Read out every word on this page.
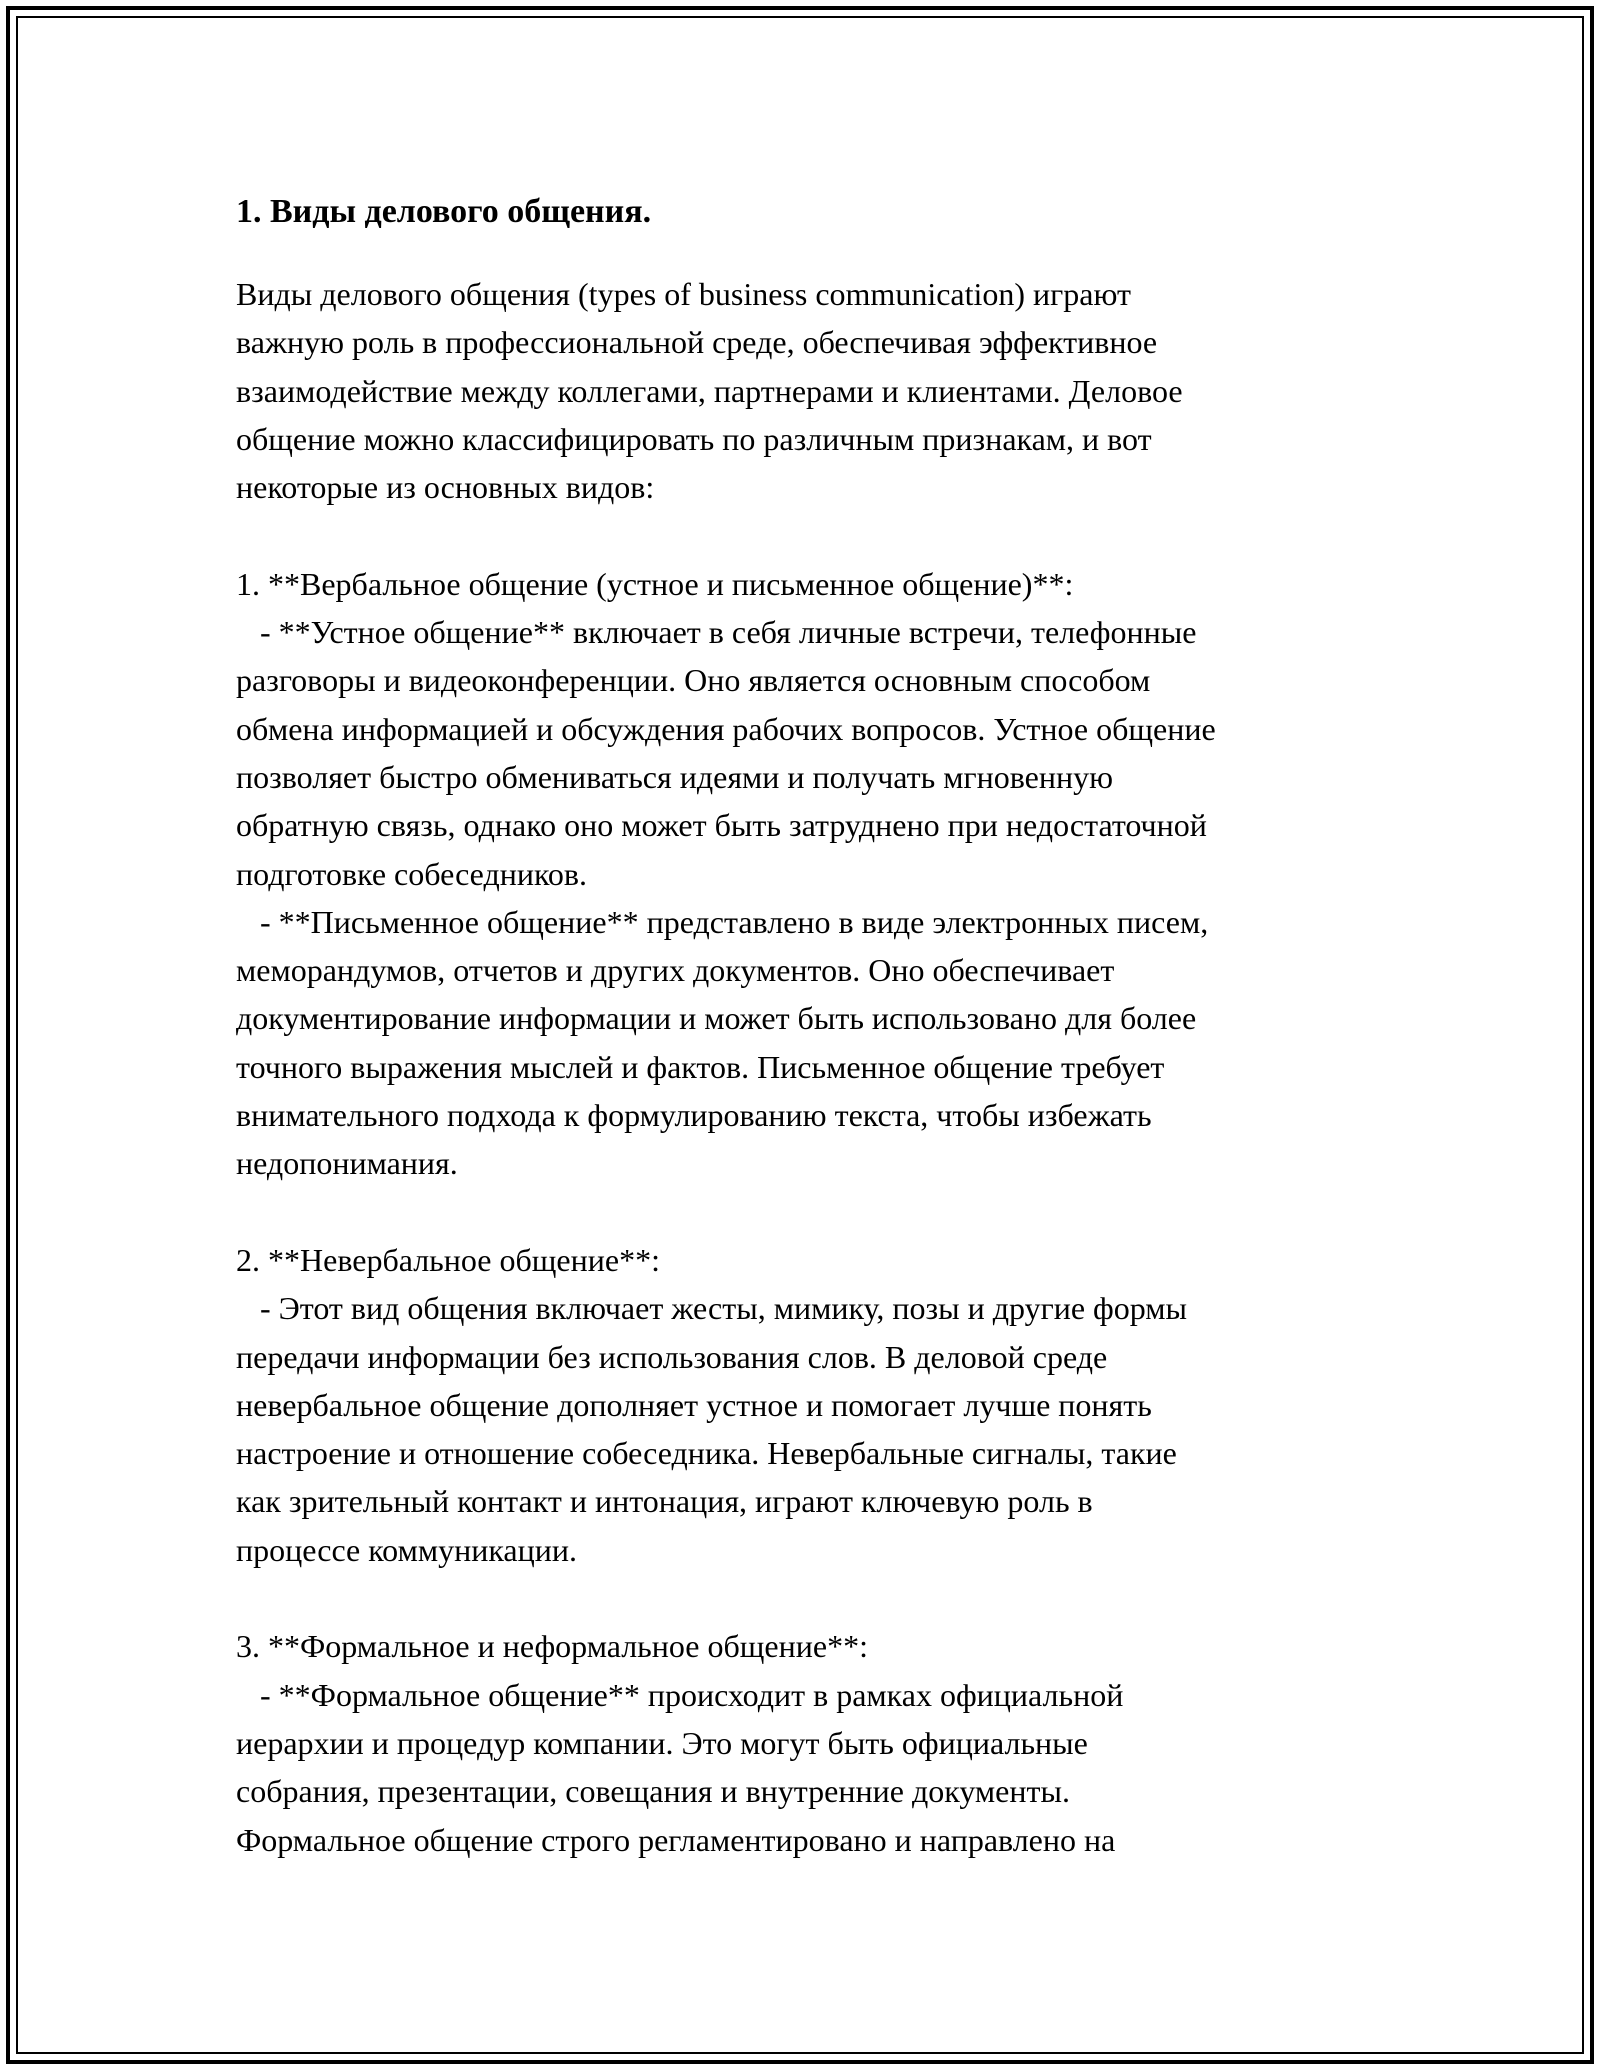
1. Виды делового общения.
Виды делового общения (types of business communication) играют
важную роль в профессиональной среде, обеспечивая эффективное
взаимодействие между коллегами, партнерами и клиентами. Деловое
общение можно классифицировать по различным признакам, и вот
некоторые из основных видов:
1. **Вербальное общение (устное и письменное общение)**:
- **Устное общение** включает в себя личные встречи, телефонные
разговоры и видеоконференции. Оно является основным способом
обмена информацией и обсуждения рабочих вопросов. Устное общение
позволяет быстро обмениваться идеями и получать мгновенную
обратную связь, однако оно может быть затруднено при недостаточной
подготовке собеседников.
- **Письменное общение** представлено в виде электронных писем,
меморандумов, отчетов и других документов. Оно обеспечивает
документирование информации и может быть использовано для более
точного выражения мыслей и фактов. Письменное общение требует
внимательного подхода к формулированию текста, чтобы избежать
недопонимания.
2. **Невербальное общение**:
- Этот вид общения включает жесты, мимику, позы и другие формы
передачи информации без использования слов. В деловой среде
невербальное общение дополняет устное и помогает лучше понять
настроение и отношение собеседника. Невербальные сигналы, такие
как зрительный контакт и интонация, играют ключевую роль в
процессе коммуникации.
3. **Формальное и неформальное общение**:
- **Формальное общение** происходит в рамках официальной
иерархии и процедур компании. Это могут быть официальные
собрания, презентации, совещания и внутренние документы.
Формальное общение строго регламентировано и направлено на
